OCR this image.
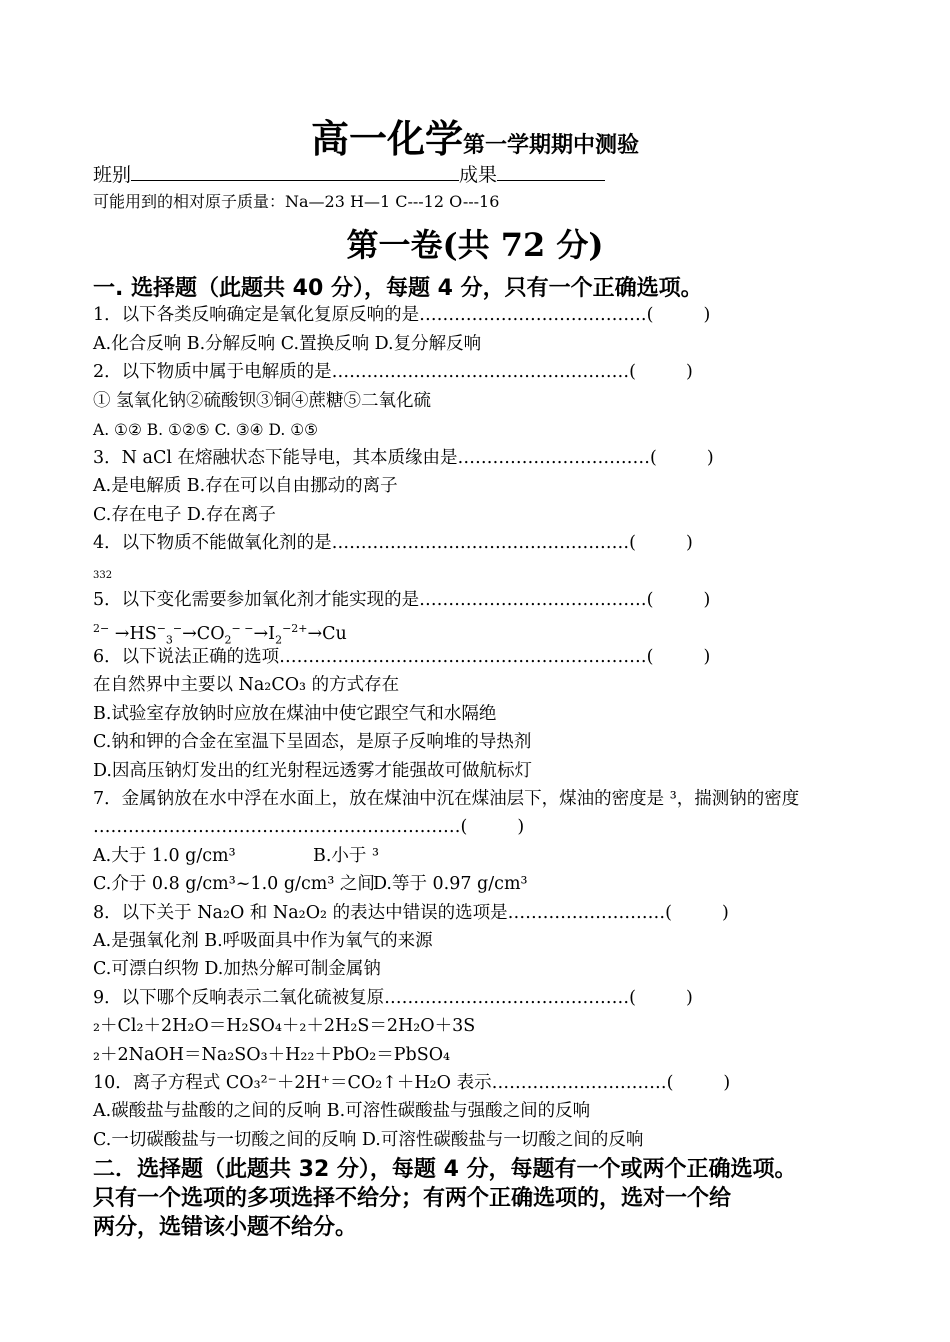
高一化学第一学期期中测验
班别	成果
可能用到的相对原子质量：Na—23 H—1 C---12 O---16
第一卷(共 72 分)
一. 选择题（此题共 40 分），每题 4 分，只有一个正确选项。
1．以下各类反响确定是氧化复原反响的是…………………………………(	)
A.化合反响 B.分解反响 C.置换反响 D.复分解反响
2．以下物质中属于电解质的是……………………………………………(	)
① 氢氧化钠②硫酸钡③铜④蔗糖⑤二氧化硫
A. ①② B. ①②⑤ C. ③④ D. ①⑤
3．N aCl 在熔融状态下能导电，其本质缘由是……………………………(	)
A.是电解质 B.存在可以自由挪动的离子
C.存在电子 D.存在离子
4．以下物质不能做氧化剂的是……………………………………………(	)
332
5．以下变化需要参加氧化剂才能实现的是…………………………………(	)
$^{2-} \to HS^-_3^-\to CO_2^{- -}\to I_2^{-2+}\to Cu$
6．以下说法正确的选项………………………………………………………(	)
在自然界中主要以 Na₂CO₃ 的方式存在
B.试验室存放钠时应放在煤油中使它跟空气和水隔绝
C.钠和钾的合金在室温下呈固态，是原子反响堆的导热剂
D.因高压钠灯发出的红光射程远透雾才能强故可做航标灯
7．金属钠放在水中浮在水面上，放在煤油中沉在煤油层下，煤油的密度是 ³，揣测钠的密度
………………………………………………………(	)
A.大于 1.0 g/cm³	B.小于 ³
C.介于 0.8 g/cm³~1.0 g/cm³ 之间D.等于 0.97 g/cm³
8．以下关于 Na₂O 和 Na₂O₂ 的表达中错误的选项是………………………(	)
A.是强氧化剂 B.呼吸面具中作为氧气的来源
C.可漂白织物 D.加热分解可制金属钠
9．以下哪个反响表示二氧化硫被复原……………………………………(	)
₂＋Cl₂＋2H₂O＝H₂SO₄＋₂＋2H₂S＝2H₂O＋3S
₂＋2NaOH＝Na₂SO₃＋H₂₂＋PbO₂＝PbSO₄
10．离子方程式 CO₃²⁻＋2H⁺＝CO₂↑＋H₂O 表示…………………………(	)
A.碳酸盐与盐酸的之间的反响 B.可溶性碳酸盐与强酸之间的反响
C.一切碳酸盐与一切酸之间的反响 D.可溶性碳酸盐与一切酸之间的反响
二．选择题（此题共 32 分），每题 4 分，每题有一个或两个正确选项。
只有一个选项的多项选择不给分；有两个正确选项的，选对一个给
两分，选错该小题不给分。
